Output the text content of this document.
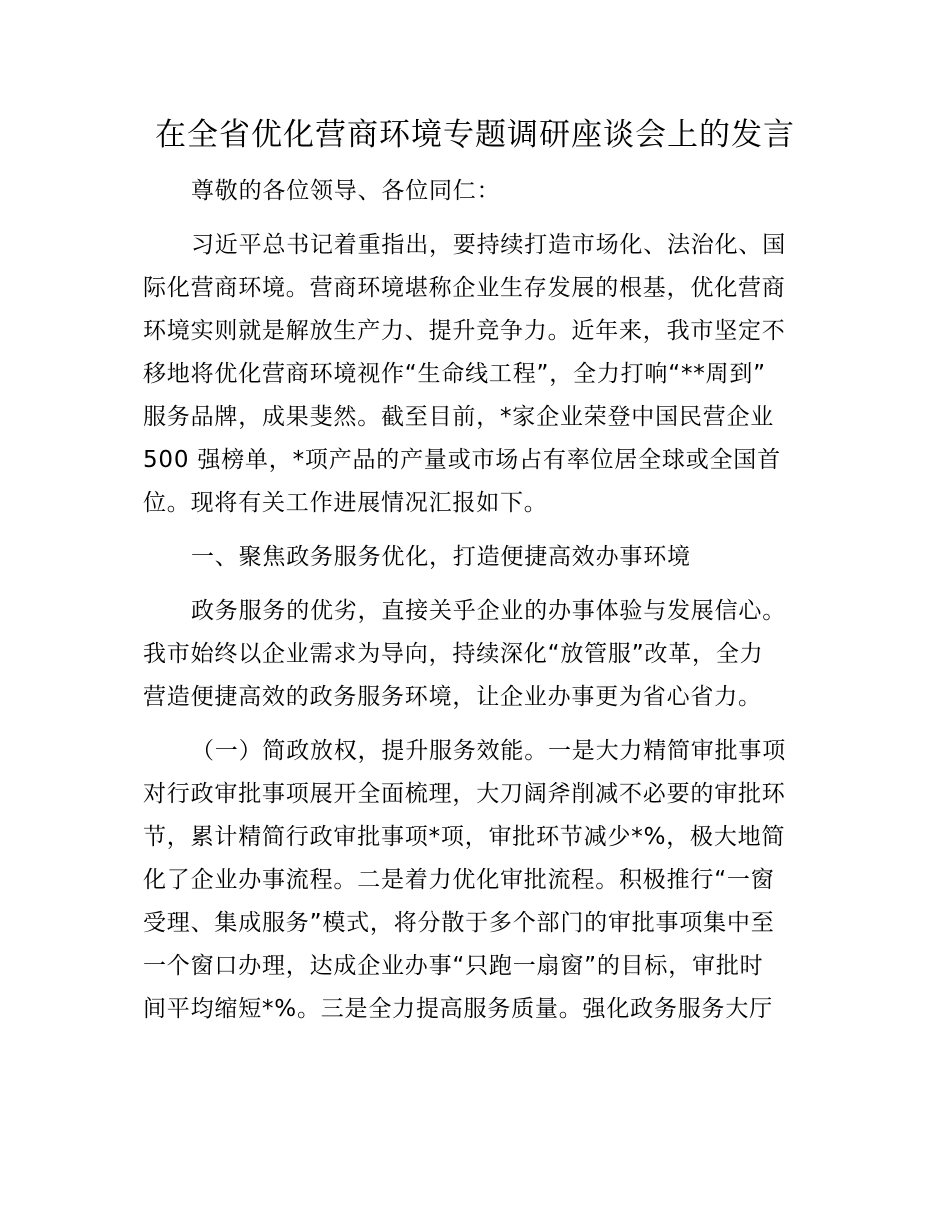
在全省优化营商环境专题调研座谈会上的发言
尊敬的各位领导、各位同仁：
习近平总书记着重指出，要持续打造市场化、法治化、国
际化营商环境。营商环境堪称企业生存发展的根基，优化营商
环境实则就是解放生产力、提升竞争力。近年来，我市坚定不
移地将优化营商环境视作“生命线工程”，全力打响“**周到”
服务品牌，成果斐然。截至目前，*家企业荣登中国民营企业
500 强榜单，*项产品的产量或市场占有率位居全球或全国首
位。现将有关工作进展情况汇报如下。
一、聚焦政务服务优化，打造便捷高效办事环境
政务服务的优劣，直接关乎企业的办事体验与发展信心。
我市始终以企业需求为导向，持续深化“放管服”改革，全力
营造便捷高效的政务服务环境，让企业办事更为省心省力。
（一）简政放权，提升服务效能。一是大力精简审批事项
对行政审批事项展开全面梳理，大刀阔斧削减不必要的审批环
节，累计精简行政审批事项*项，审批环节减少*%，极大地简
化了企业办事流程。二是着力优化审批流程。积极推行“一窗
受理、集成服务”模式，将分散于多个部门的审批事项集中至
一个窗口办理，达成企业办事“只跑一扇窗”的目标，审批时
间平均缩短*%。三是全力提高服务质量。强化政务服务大厅
